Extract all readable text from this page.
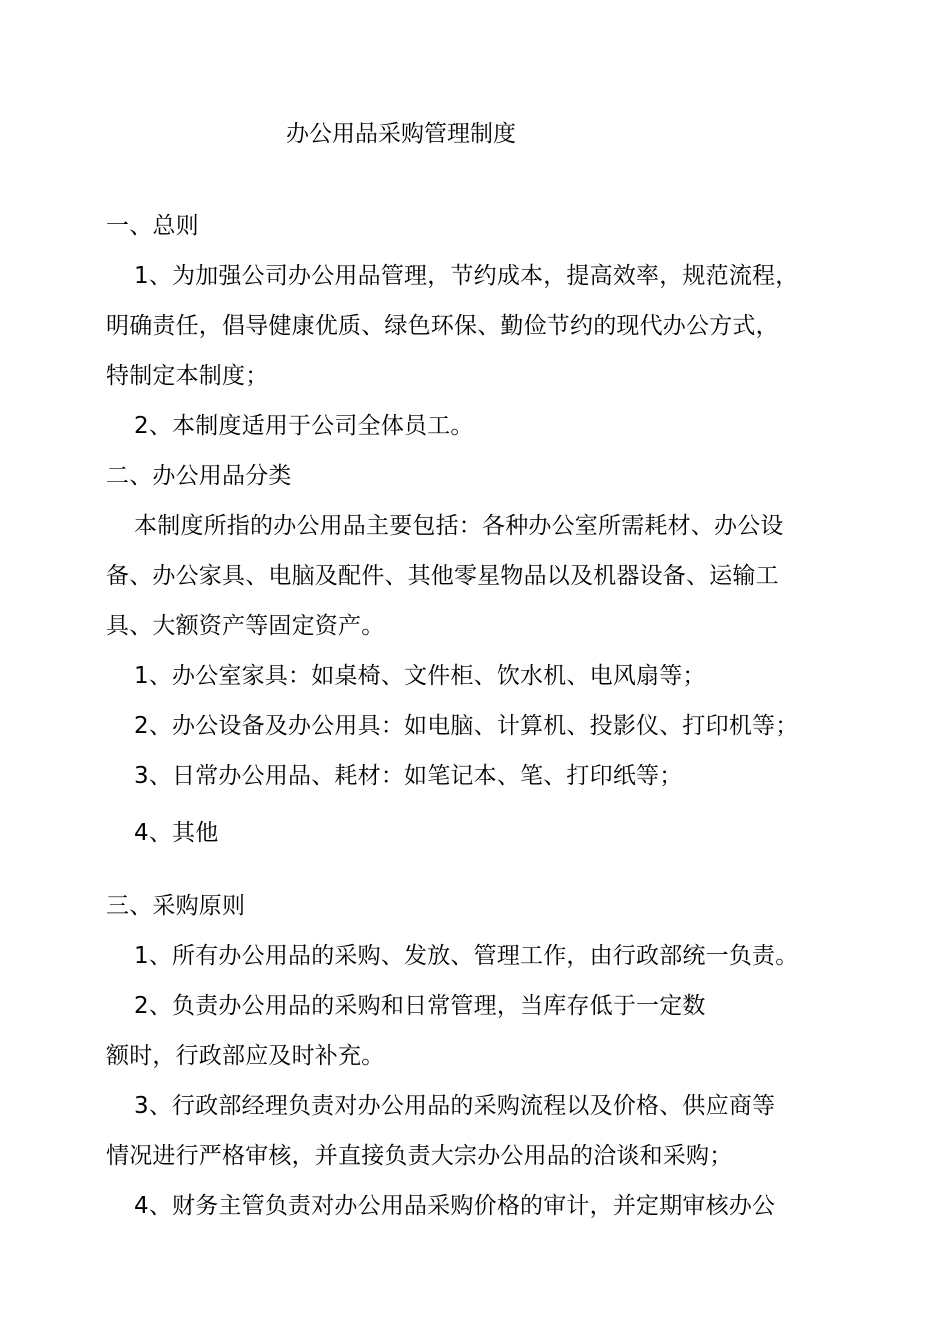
办公用品采购管理制度
一、总则
1、为加强公司办公用品管理，节约成本，提高效率，规范流程，
明确责任，倡导健康优质、绿色环保、勤俭节约的现代办公方式，
特制定本制度；
2、本制度适用于公司全体员工。
二、办公用品分类
本制度所指的办公用品主要包括：各种办公室所需耗材、办公设
备、办公家具、电脑及配件、其他零星物品以及机器设备、运输工
具、大额资产等固定资产。
1、办公室家具：如桌椅、文件柜、饮水机、电风扇等；
2、办公设备及办公用具：如电脑、计算机、投影仪、打印机等；
3、日常办公用品、耗材：如笔记本、笔、打印纸等；
4、其他
三、采购原则
1、所有办公用品的采购、发放、管理工作，由行政部统一负责。
2、负责办公用品的采购和日常管理，当库存低于一定数
额时，行政部应及时补充。
3、行政部经理负责对办公用品的采购流程以及价格、供应商等
情况进行严格审核，并直接负责大宗办公用品的洽谈和采购；
4、财务主管负责对办公用品采购价格的审计，并定期审核办公
